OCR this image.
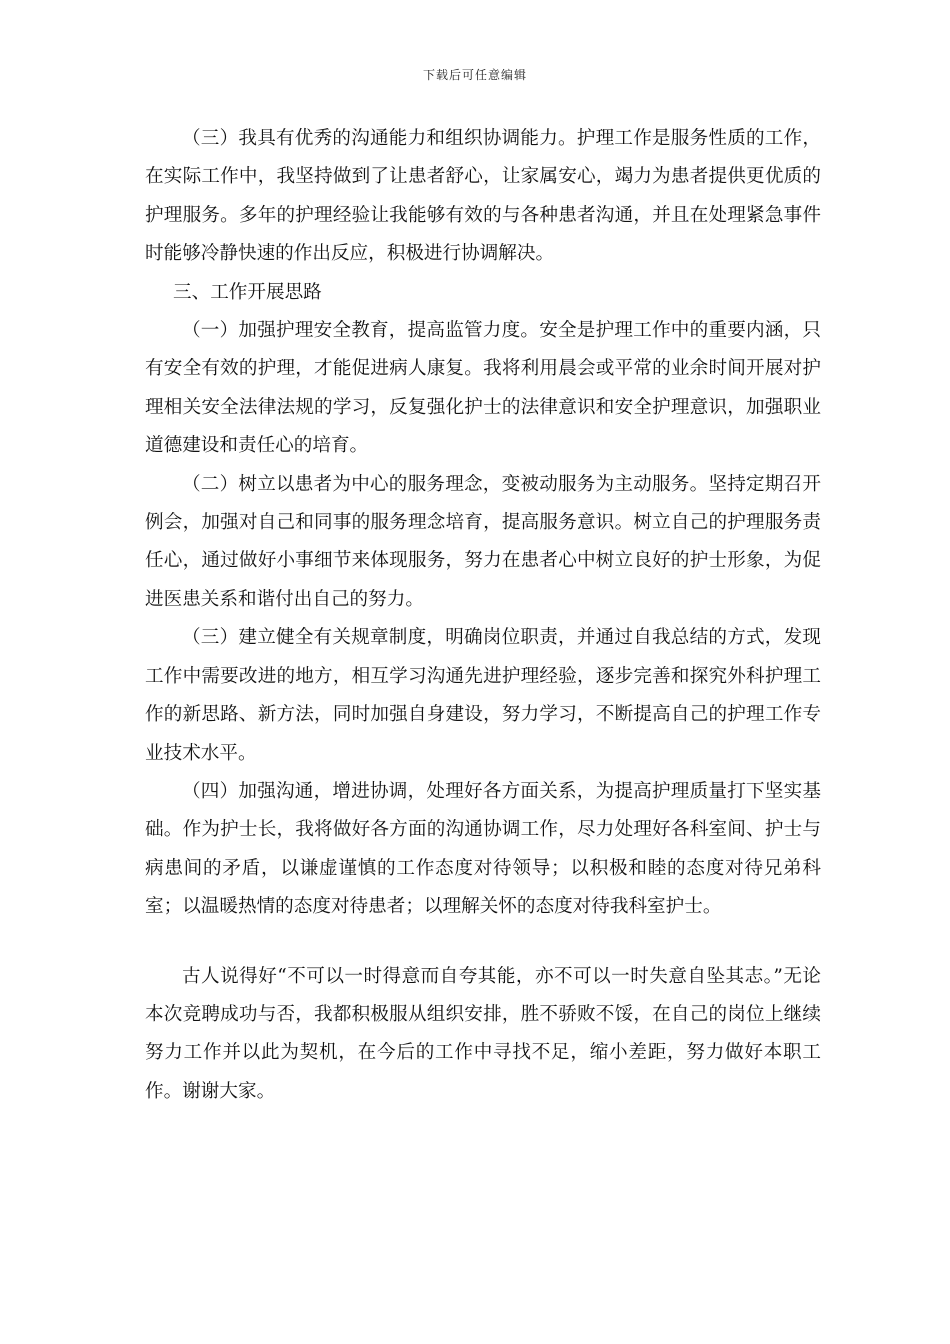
下载后可任意编辑

（三）我具有优秀的沟通能力和组织协调能力。护理工作是服务性质的工作，在实际工作中，我坚持做到了让患者舒心，让家属安心，竭力为患者提供更优质的护理服务。多年的护理经验让我能够有效的与各种患者沟通，并且在处理紧急事件时能够冷静快速的作出反应，积极进行协调解决。

三、工作开展思路

（一）加强护理安全教育，提高监管力度。安全是护理工作中的重要内涵，只有安全有效的护理，才能促进病人康复。我将利用晨会或平常的业余时间开展对护理相关安全法律法规的学习，反复强化护士的法律意识和安全护理意识，加强职业道德建设和责任心的培育。

（二）树立以患者为中心的服务理念，变被动服务为主动服务。坚持定期召开例会，加强对自己和同事的服务理念培育，提高服务意识。树立自己的护理服务责任心，通过做好小事细节来体现服务，努力在患者心中树立良好的护士形象，为促进医患关系和谐付出自己的努力。

（三）建立健全有关规章制度，明确岗位职责，并通过自我总结的方式，发现工作中需要改进的地方，相互学习沟通先进护理经验，逐步完善和探究外科护理工作的新思路、新方法，同时加强自身建设，努力学习，不断提高自己的护理工作专业技术水平。

（四）加强沟通，增进协调，处理好各方面关系，为提高护理质量打下坚实基础。作为护士长，我将做好各方面的沟通协调工作，尽力处理好各科室间、护士与病患间的矛盾，以谦虚谨慎的工作态度对待领导；以积极和睦的态度对待兄弟科室；以温暖热情的态度对待患者；以理解关怀的态度对待我科室护士。

古人说得好“不可以一时得意而自夸其能，亦不可以一时失意自坠其志。”无论本次竞聘成功与否，我都积极服从组织安排，胜不骄败不馁，在自己的岗位上继续努力工作并以此为契机，在今后的工作中寻找不足，缩小差距，努力做好本职工作。谢谢大家。
